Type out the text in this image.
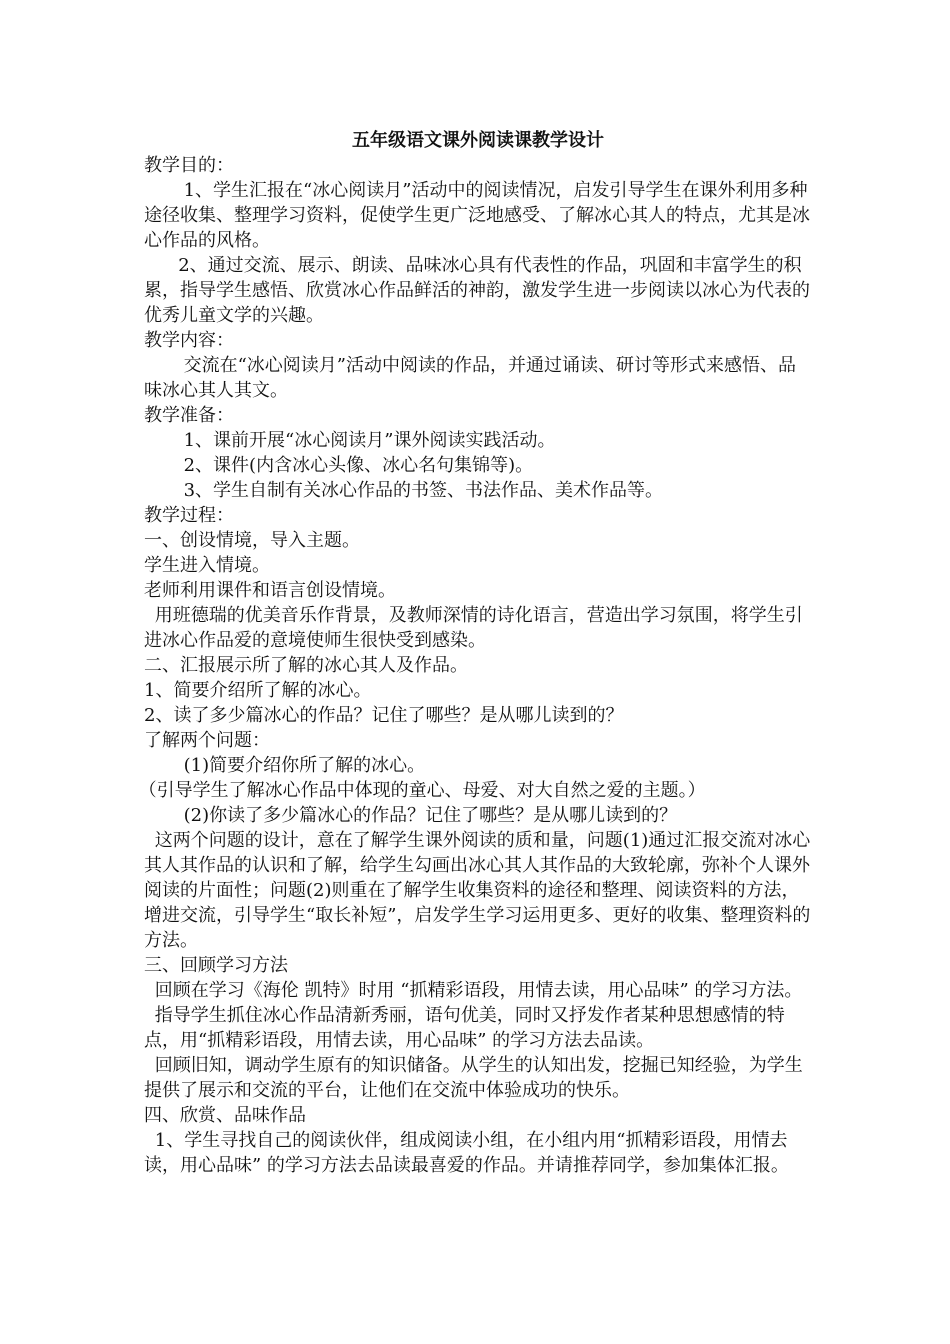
五年级语文课外阅读课教学设计

教学目的：

1、学生汇报在“冰心阅读月”活动中的阅读情况，启发引导学生在课外利用多种途径收集、整理学习资料，促使学生更广泛地感受、了解冰心其人的特点，尤其是冰心作品的风格。

2、通过交流、展示、朗读、品味冰心具有代表性的作品，巩固和丰富学生的积累，指导学生感悟、欣赏冰心作品鲜活的神韵，激发学生进一步阅读以冰心为代表的优秀儿童文学的兴趣。

教学内容：

交流在“冰心阅读月”活动中阅读的作品，并通过诵读、研讨等形式来感悟、品味冰心其人其文。

教学准备：

1、课前开展“冰心阅读月”课外阅读实践活动。

2、课件(内含冰心头像、冰心名句集锦等)。

3、学生自制有关冰心作品的书签、书法作品、美术作品等。

教学过程：

一、创设情境，导入主题。

学生进入情境。

老师利用课件和语言创设情境。

用班德瑞的优美音乐作背景，及教师深情的诗化语言，营造出学习氛围，将学生引进冰心作品爱的意境使师生很快受到感染。

二、汇报展示所了解的冰心其人及作品。

1、简要介绍所了解的冰心。

2、读了多少篇冰心的作品？记住了哪些？是从哪儿读到的？

了解两个问题：

(1)简要介绍你所了解的冰心。

（引导学生了解冰心作品中体现的童心、母爱、对大自然之爱的主题。）

(2)你读了多少篇冰心的作品？记住了哪些？是从哪儿读到的？

这两个问题的设计，意在了解学生课外阅读的质和量，问题(1)通过汇报交流对冰心其人其作品的认识和了解，给学生勾画出冰心其人其作品的大致轮廓，弥补个人课外阅读的片面性；问题(2)则重在了解学生收集资料的途径和整理、阅读资料的方法，增进交流，引导学生“取长补短”，启发学生学习运用更多、更好的收集、整理资料的方法。

三、回顾学习方法

回顾在学习《海伦 凯特》时用 “抓精彩语段，用情去读，用心品味” 的学习方法。

指导学生抓住冰心作品清新秀丽，语句优美，同时又抒发作者某种思想感情的特点，用“抓精彩语段，用情去读，用心品味” 的学习方法去品读。

回顾旧知，调动学生原有的知识储备。从学生的认知出发，挖掘已知经验，为学生提供了展示和交流的平台，让他们在交流中体验成功的快乐。

四、欣赏、品味作品

1、学生寻找自己的阅读伙伴，组成阅读小组，在小组内用“抓精彩语段，用情去读，用心品味” 的学习方法去品读最喜爱的作品。并请推荐同学，参加集体汇报。
